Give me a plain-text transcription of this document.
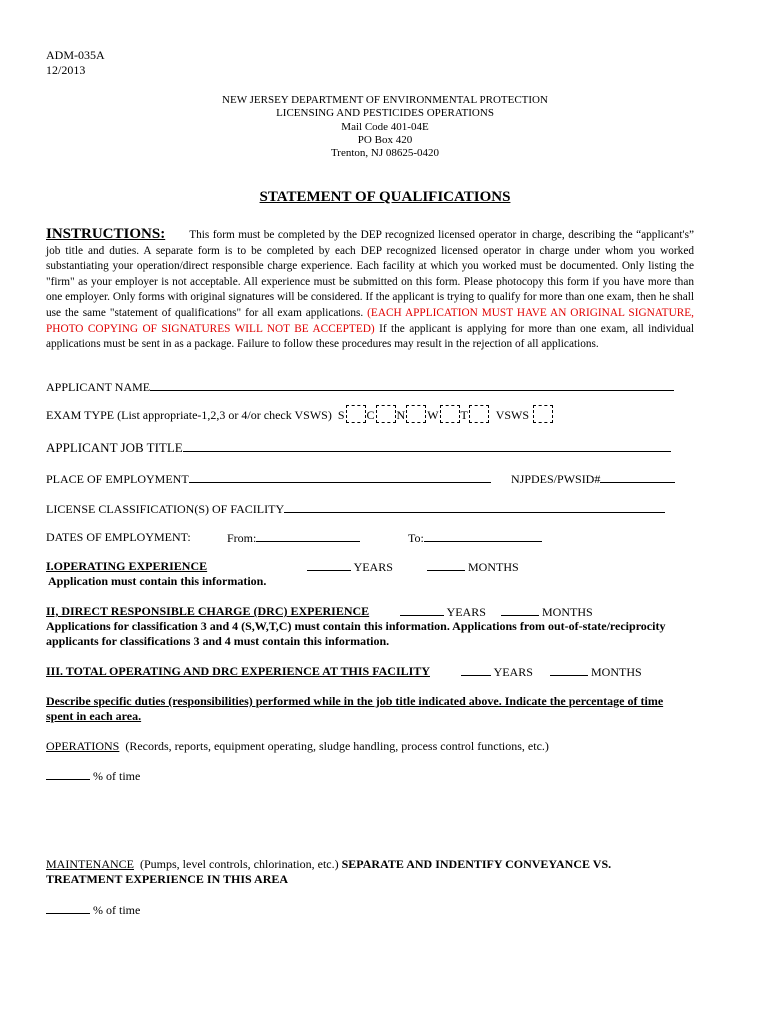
ADM-035A
12/2013
NEW JERSEY DEPARTMENT OF ENVIRONMENTAL PROTECTION
LICENSING AND PESTICIDES OPERATIONS
Mail Code 401-04E
PO Box 420
Trenton, NJ 08625-0420
STATEMENT OF QUALIFICATIONS
INSTRUCTIONS: This form must be completed by the DEP recognized licensed operator in charge, describing the “applicant's” job title and duties. A separate form is to be completed by each DEP recognized licensed operator in charge under whom you worked substantiating your operation/direct responsible charge experience. Each facility at which you worked must be documented. Only listing the "firm" as your employer is not acceptable. All experience must be submitted on this form. Please photocopy this form if you have more than one employer. Only forms with original signatures will be considered. If the applicant is trying to qualify for more than one exam, then he shall use the same "statement of qualifications" for all exam applications. (EACH APPLICATION MUST HAVE AN ORIGINAL SIGNATURE, PHOTO COPYING OF SIGNATURES WILL NOT BE ACCEPTED) If the applicant is applying for more than one exam, all individual applications must be sent in as a package. Failure to follow these procedures may result in the rejection of all applications.
APPLICANT NAME
EXAM TYPE (List appropriate-1,2,3 or 4/or check VSWS) S C N W T VSWS
APPLICANT JOB TITLE
PLACE OF EMPLOYMENT	NJPDES/PWSID#
LICENSE CLASSIFICATION(S) OF FACILITY
DATES OF EMPLOYMENT:	From:	To:
I.OPERATING EXPERIENCE	YEARS	MONTHS
Application must contain this information.
II, DIRECT RESPONSIBLE CHARGE (DRC) EXPERIENCE	YEARS	MONTHS
Applications for classification 3 and 4 (S,W,T,C) must contain this information. Applications from out-of-state/reciprocity
applicants for classifications 3 and 4 must contain this information.
III. TOTAL OPERATING AND DRC EXPERIENCE AT THIS FACILITY	YEARS	MONTHS
Describe specific duties (responsibilities) performed while in the job title indicated above. Indicate the percentage of time
spent in each area.
OPERATIONS (Records, reports, equipment operating, sludge handling, process control functions, etc.)
% of time
MAINTENANCE (Pumps, level controls, chlorination, etc.) SEPARATE AND INDENTIFY CONVEYANCE VS.
TREATMENT EXPERIENCE IN THIS AREA
% of time
